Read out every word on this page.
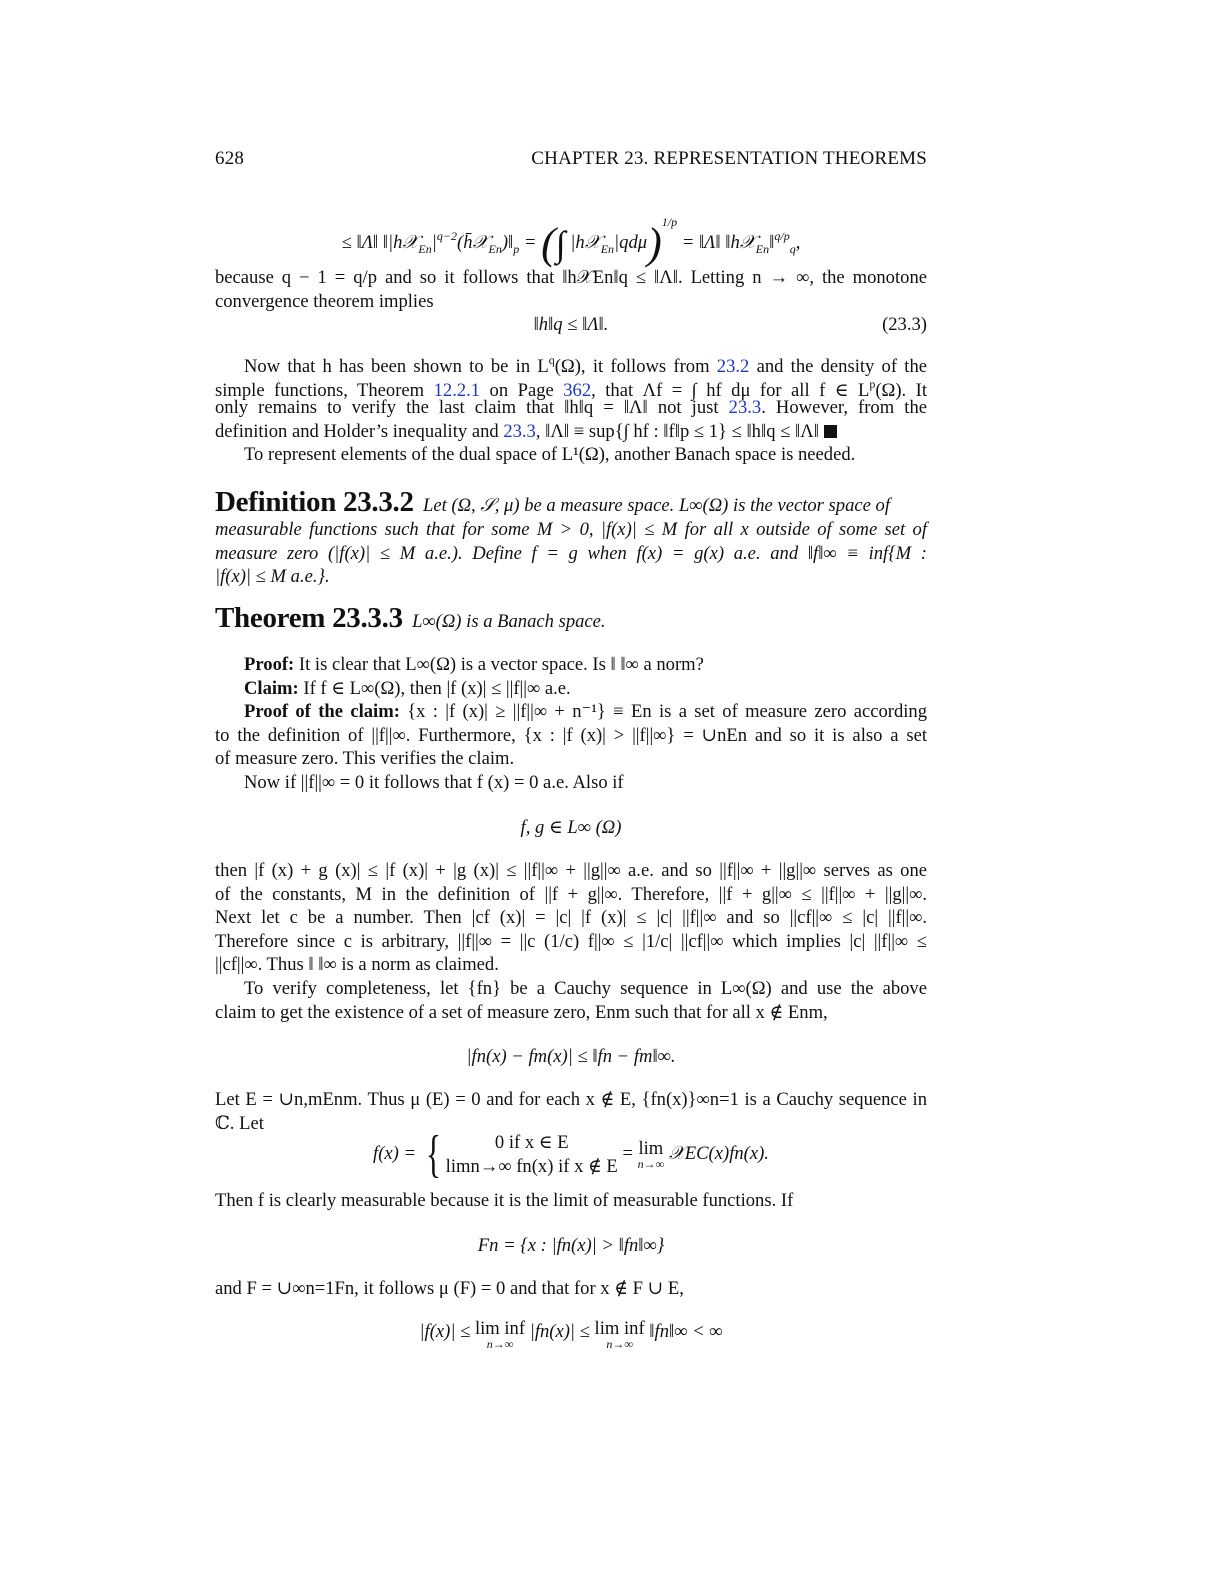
628	CHAPTER 23. REPRESENTATION THEOREMS
≤ ‖Λ‖ $‖|h𝒳_{En}|^{q-2}(h̄𝒳_{En})‖_p$ = (∫ |h𝒳$_{En}$|qdμ)$^{1/p}$ = ‖Λ‖ ‖h𝒳$_{En}$‖$^{q/p}_q$,
because q − 1 = q/p and so it follows that ‖h𝒳En‖q ≤ ‖Λ‖. Letting n → ∞, the monotone
convergence theorem implies
‖h‖q ≤ ‖Λ‖.	(23.3)
Now that h has been shown to be in $L^q(\Omega)$, it follows from 23.2 and the density of the
simple functions, Theorem 12.2.1 on Page 362, that Λf = ∫ hf dμ for all f ∈ $L^p(\Omega)$. It
only remains to verify the last claim that ‖h‖q = ‖Λ‖ not just 23.3. However, from the
definition and Holder’s inequality and 23.3, ‖Λ‖ ≡ sup{∫ hf : ‖f‖p ≤ 1} ≤ ‖h‖q ≤ ‖Λ‖
To represent elements of the dual space of L¹(Ω), another Banach space is needed.
Definition 23.3.2 Let (Ω, 𝒮, μ) be a measure space. L∞(Ω) is the vector space of
measurable functions such that for some M > 0, |f(x)| ≤ M for all x outside of some set of
measure zero (|f(x)| ≤ M a.e.). Define f = g when f(x) = g(x) a.e. and ‖f‖∞ ≡ inf{M :
|f(x)| ≤ M a.e.}.
Theorem 23.3.3 L∞(Ω) is a Banach space.
Proof: It is clear that L∞(Ω) is a vector space. Is ‖ ‖∞ a norm?
Claim: If f ∈ L∞(Ω), then |f (x)| ≤ ||f||∞ a.e.
Proof of the claim: {x : |f (x)| ≥ ||f||∞ + n⁻¹} ≡ En is a set of measure zero according
to the definition of ||f||∞. Furthermore, {x : |f (x)| > ||f||∞} = ∪nEn and so it is also a set
of measure zero. This verifies the claim.
Now if ||f||∞ = 0 it follows that f (x) = 0 a.e. Also if
f, g ∈ L∞ (Ω)
then |f (x) + g (x)| ≤ |f (x)| + |g (x)| ≤ ||f||∞ + ||g||∞ a.e. and so ||f||∞ + ||g||∞ serves as one
of the constants, M in the definition of ||f + g||∞. Therefore, ||f + g||∞ ≤ ||f||∞ + ||g||∞.
Next let c be a number. Then |cf (x)| = |c| |f (x)| ≤ |c| ||f||∞ and so ||cf||∞ ≤ |c| ||f||∞.
Therefore since c is arbitrary, ||f||∞ = ||c (1/c) f||∞ ≤ |1/c| ||cf||∞ which implies |c| ||f||∞ ≤
||cf||∞. Thus ‖ ‖∞ is a norm as claimed.
To verify completeness, let {fn} be a Cauchy sequence in L∞(Ω) and use the above
claim to get the existence of a set of measure zero, Enm such that for all x ∉ Enm,
|fn(x) − fm(x)| ≤ ‖fn − fm‖∞.
Let E = ∪n,mEnm. Thus μ (E) = 0 and for each x ∉ E, {fn(x)}∞n=1 is a Cauchy sequence in
ℂ. Let
f(x) = {	0 if x ∈ E
limn→∞ fn(x) if x ∉ E
= lim
n→∞ 𝒳EC(x)fn(x).
Then f is clearly measurable because it is the limit of measurable functions. If
Fn = {x : |fn(x)| > ‖fn‖∞}
and F = ∪∞n=1Fn, it follows μ (F) = 0 and that for x ∉ F ∪ E,
|f(x)| ≤ lim inf
n→∞
|fn(x)| ≤ lim inf
n→∞
‖fn‖∞ < ∞
